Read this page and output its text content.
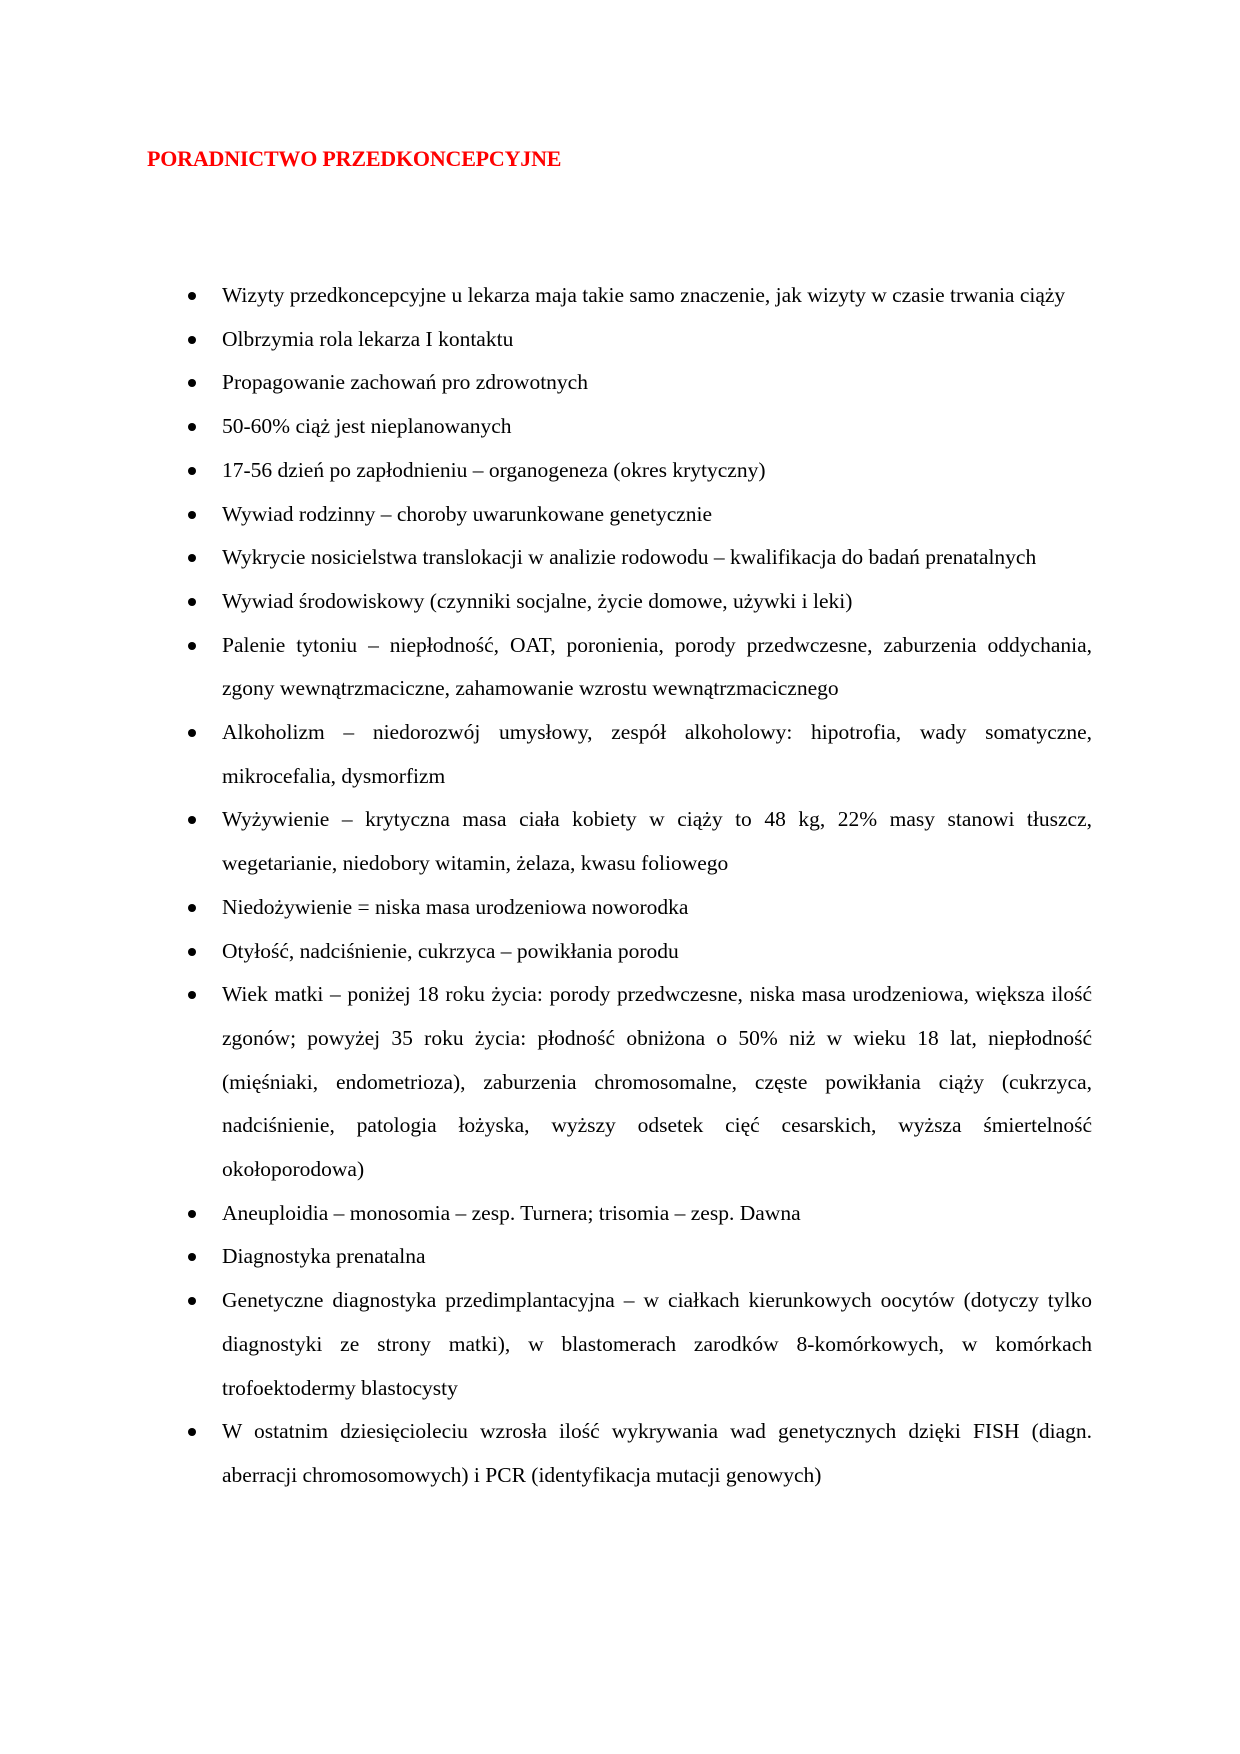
PORADNICTWO PRZEDKONCEPCYJNE
Wizyty przedkoncepcyjne u lekarza maja takie samo znaczenie, jak wizyty w czasie trwania ciąży
Olbrzymia rola lekarza I kontaktu
Propagowanie zachowań pro zdrowotnych
50-60% ciąż jest nieplanowanych
17-56 dzień po zapłodnieniu – organogeneza (okres krytyczny)
Wywiad rodzinny – choroby uwarunkowane genetycznie
Wykrycie nosicielstwa translokacji w analizie rodowodu – kwalifikacja do badań prenatalnych
Wywiad środowiskowy (czynniki socjalne, życie domowe, używki i leki)
Palenie tytoniu – niepłodność, OAT, poronienia, porody przedwczesne, zaburzenia oddychania, zgony wewnątrzmaciczne, zahamowanie wzrostu wewnątrzmacicznego
Alkoholizm – niedorozwój umysłowy, zespół alkoholowy: hipotrofia, wady somatyczne, mikrocefalia, dysmorfizm
Wyżywienie – krytyczna masa ciała kobiety w ciąży to 48 kg, 22% masy stanowi tłuszcz, wegetarianie, niedobory witamin, żelaza, kwasu foliowego
Niedożywienie = niska masa urodzeniowa noworodka
Otyłość, nadciśnienie, cukrzyca – powikłania porodu
Wiek matki – poniżej 18 roku życia: porody przedwczesne, niska masa urodzeniowa, większa ilość zgonów; powyżej 35 roku życia: płodność obniżona o 50% niż w wieku 18 lat, niepłodność (mięśniaki, endometrioza), zaburzenia chromosomalne, częste powikłania ciąży (cukrzyca, nadciśnienie, patologia łożyska, wyższy odsetek cięć cesarskich, wyższa śmiertelność okołoporodowa)
Aneuploidia – monosomia – zesp. Turnera; trisomia – zesp. Dawna
Diagnostyka prenatalna
Genetyczne diagnostyka przedimplantacyjna – w ciałkach kierunkowych oocytów (dotyczy tylko diagnostyki ze strony matki), w blastomerach zarodków 8-komórkowych, w komórkach trofoektodermy blastocysty
W ostatnim dziesięcioleciu wzrosła ilość wykrywania wad genetycznych dzięki FISH (diagn. aberracji chromosomowych) i PCR (identyfikacja mutacji genowych)
